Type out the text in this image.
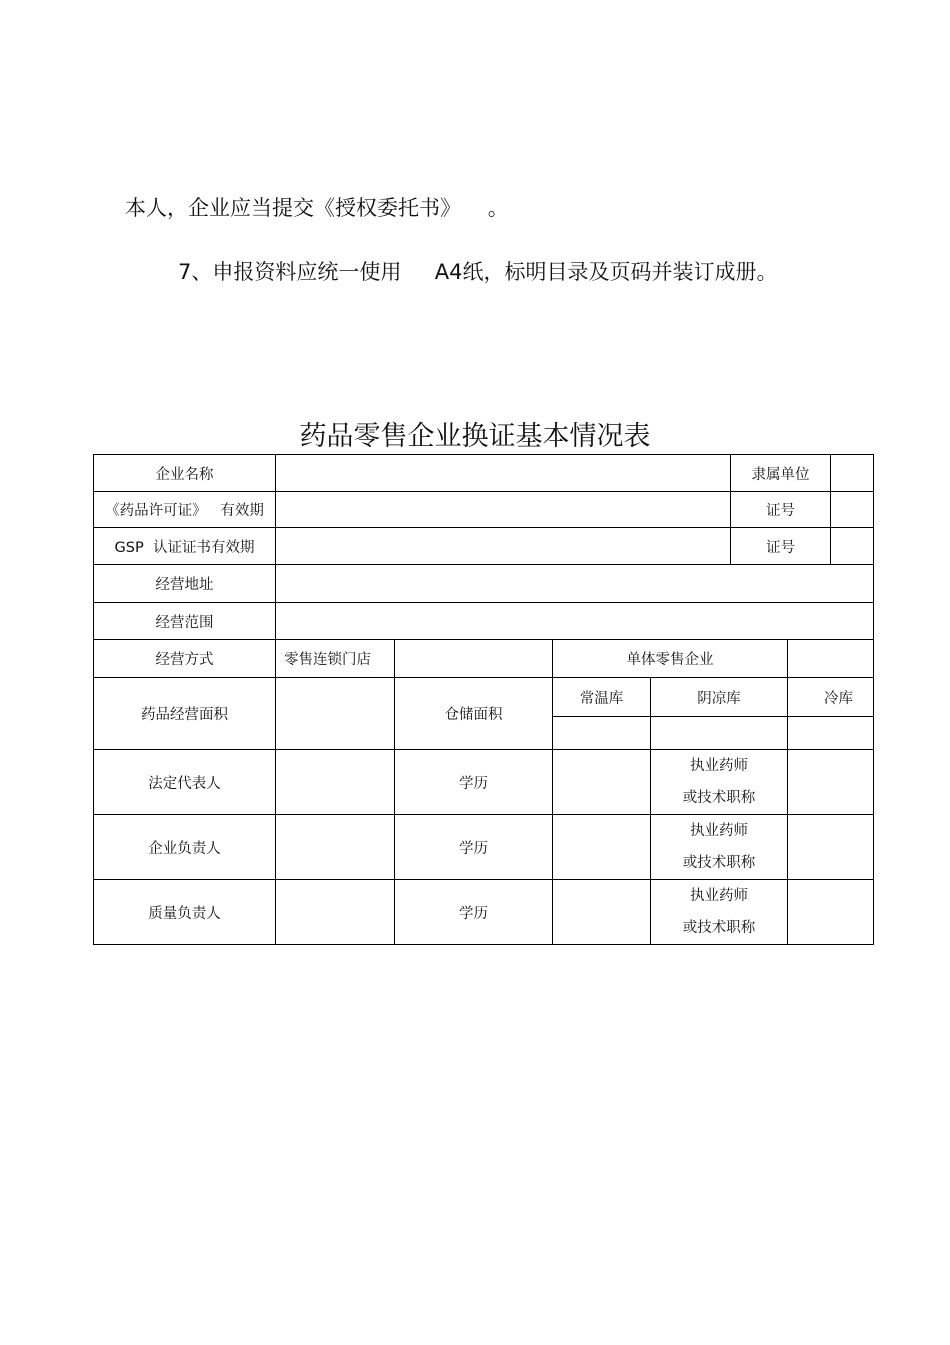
本人，企业应当提交《授权委托书》    。
7、申报资料应统一使用     A4纸，标明目录及页码并装订成册。
药品零售企业换证基本情况表
企业名称					隶属单位		
《药品许可证》   有效期					证号		
GSP  认证证书有效期					证号		
经营地址							
经营范围							
经营方式	零售连锁门店		单体零售企业				
药品经营面积		仓储面积	常温库	阴凉库		冷库	

法定代表人		学历		执业药师
或技术职称			

企业负责人		学历		执业药师
或技术职称			

质量负责人		学历		执业药师
或技术职称			
